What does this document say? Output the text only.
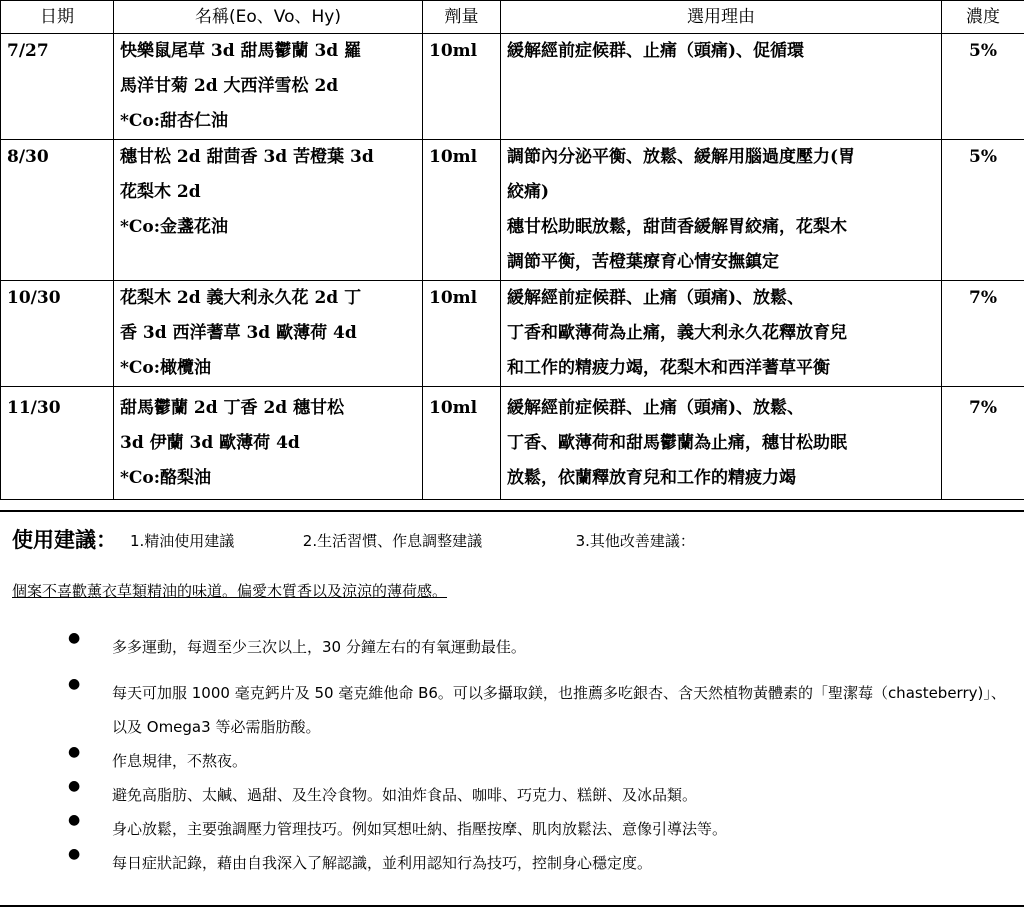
日期	名稱(Eo、Vo、Hy)	劑量	選用理由	濃度
7/27	快樂鼠尾草 3d 甜馬鬱蘭 3d 羅
馬洋甘菊 2d 大西洋雪松 2d
*Co:甜杏仁油	10ml	緩解經前症候群、止痛（頭痛)、促循環	5%
8/30	穗甘松 2d 甜茴香 3d 苦橙葉 3d
花梨木 2d
*Co:金盞花油	10ml	調節內分泌平衡、放鬆、緩解用腦過度壓力(胃
絞痛)
穗甘松助眠放鬆，甜茴香緩解胃絞痛，花梨木
調節平衡，苦橙葉療育心情安撫鎮定	5%
10/30	花梨木 2d 義大利永久花 2d 丁
香 3d 西洋蓍草 3d 歐薄荷 4d
*Co:橄欖油	10ml	緩解經前症候群、止痛（頭痛)、放鬆、
丁香和歐薄荷為止痛，義大利永久花釋放育兒
和工作的精疲力竭，花梨木和西洋蓍草平衡	7%
11/30	甜馬鬱蘭 2d 丁香 2d 穗甘松
3d 伊蘭 3d 歐薄荷 4d
*Co:酪梨油	10ml	緩解經前症候群、止痛（頭痛)、放鬆、
丁香、歐薄荷和甜馬鬱蘭為止痛，穗甘松助眠
放鬆，依蘭釋放育兒和工作的精疲力竭	7%
使用建議： 1.精油使用建議	2.生活習慣、作息調整建議	3.其他改善建議：
個案不喜歡薰衣草類精油的味道。偏愛木質香以及涼涼的薄荷感。
● 多多運動，每週至少三次以上，30 分鐘左右的有氧運動最佳。
● 每天可加服 1000 毫克鈣片及 50 毫克維他命 B6。可以多攝取鎂，也推薦多吃銀杏、含天然植物黃體素的「聖潔莓（chasteberry)」、以及 Omega3 等必需脂肪酸。
● 作息規律，不熬夜。
● 避免高脂肪、太鹹、過甜、及生冷食物。如油炸食品、咖啡、巧克力、糕餅、及冰品類。
● 身心放鬆，主要強調壓力管理技巧。例如冥想吐納、指壓按摩、肌肉放鬆法、意像引導法等。
● 每日症狀記錄，藉由自我深入了解認識，並利用認知行為技巧，控制身心穩定度。
